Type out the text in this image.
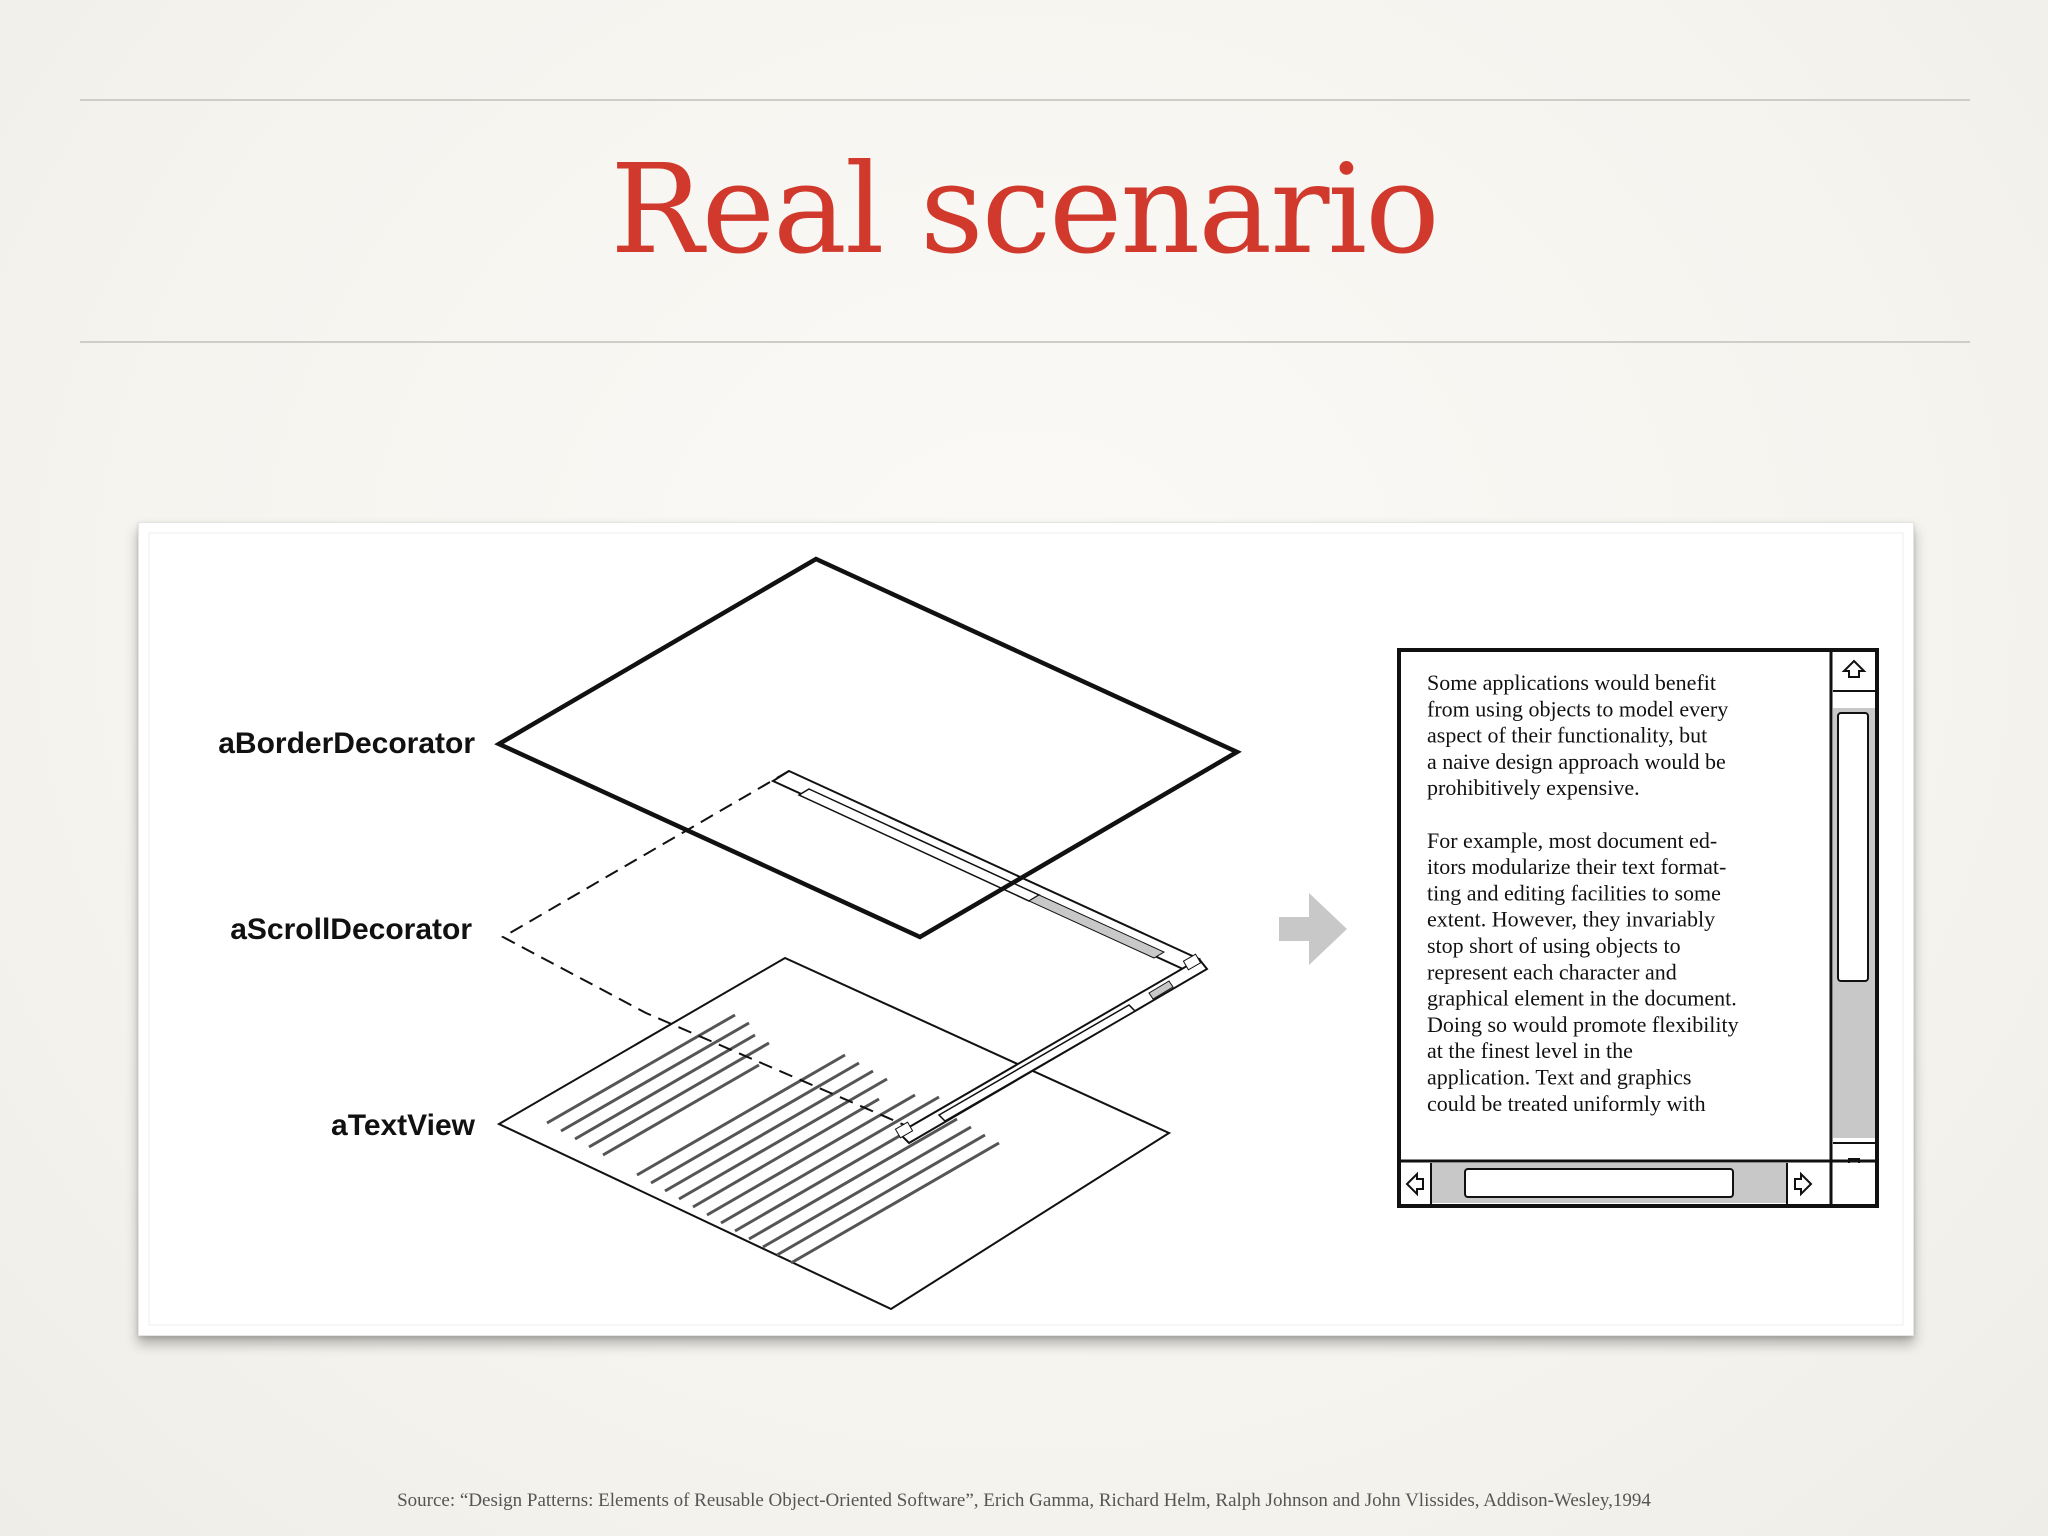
Real scenario
aBorderDecorator
aScrollDecorator
aTextView
Some applications would benefit
from using objects to model every
aspect of their functionality, but
a naive design approach would be
prohibitively expensive.
For example, most document ed-
itors modularize their text format-
ting and editing facilities to some
extent. However, they invariably
stop short of using objects to
represent each character and
graphical element in the document.
Doing so would promote flexibility
at the finest level in the
application. Text and graphics
could be treated uniformly with
Source: “Design Patterns: Elements of Reusable Object-Oriented Software”, Erich Gamma, Richard Helm, Ralph Johnson and John Vlissides, Addison-Wesley,1994
